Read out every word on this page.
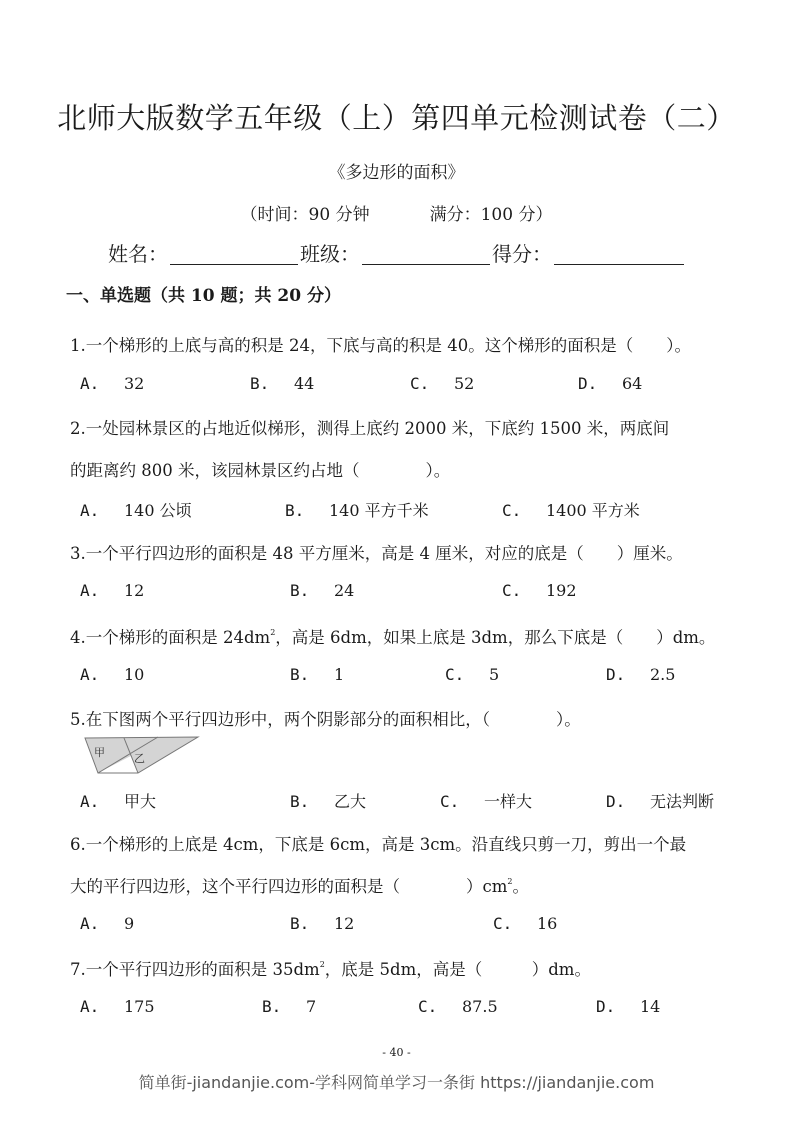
北师大版数学五年级（上）第四单元检测试卷（二）
《多边形的面积》
（时间：90 分钟	满分：100 分）
姓名：	班级：	得分：
一、单选题（共 10 题；共 20 分）
1.一个梯形的上底与高的积是 24，下底与高的积是 40。这个梯形的面积是（　　）。
A. 32	B. 44	C. 52	D. 64
2.一处园林景区的占地近似梯形，测得上底约 2000 米，下底约 1500 米，两底间
的距离约 800 米，该园林景区约占地（　　　　）。
A. 140 公顷	B. 140 平方千米	C. 1400 平方米
3.一个平行四边形的面积是 48 平方厘米，高是 4 厘米，对应的底是（　　）厘米。
A. 12	B. 24	C. 192
4.一个梯形的面积是 $24dm^2$，高是 6dm，如果上底是 3dm，那么下底是（　　）dm。
A. 10	B. 1	C. 5	D. 2.5
5.在下图两个平行四边形中，两个阴影部分的面积相比，（　　　　）。
甲	乙
A. 甲大	B. 乙大	C. 一样大	D. 无法判断
6.一个梯形的上底是 4cm，下底是 6cm，高是 3cm。沿直线只剪一刀，剪出一个最
大的平行四边形，这个平行四边形的面积是（　　　　）$cm^2$。
A. 9	B. 12	C. 16
7.一个平行四边形的面积是 $35dm^2$，底是 5dm，高是（　　　）dm。
A. 175	B. 7	C. 87.5	D. 14
- 40 -
简单街-jiandanjie.com-学科网简单学习一条街 https://jiandanjie.com
